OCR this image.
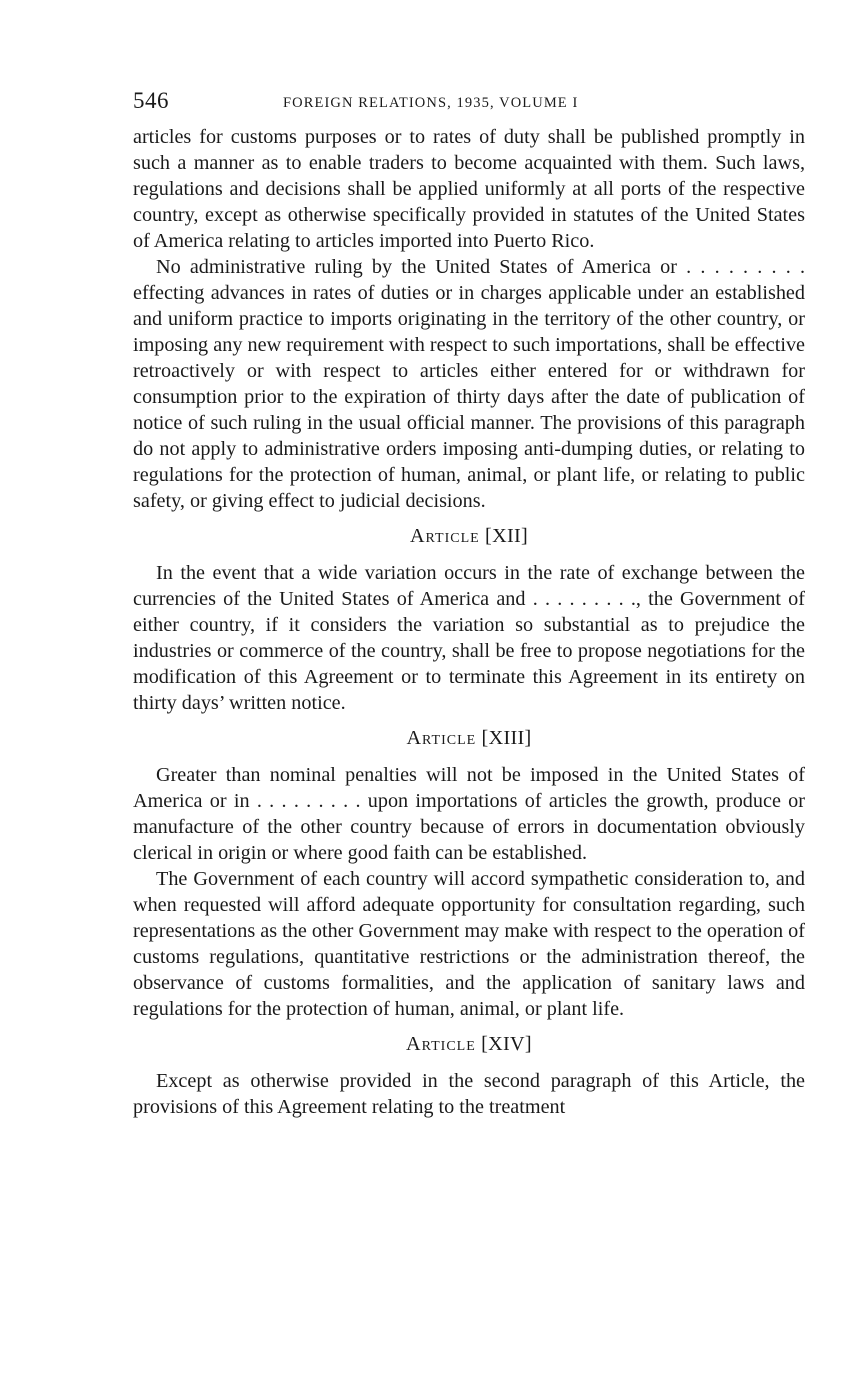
546	FOREIGN RELATIONS, 1935, VOLUME I

articles for customs purposes or to rates of duty shall be published promptly in such a manner as to enable traders to become acquainted with them. Such laws, regulations and decisions shall be applied uniformly at all ports of the respective country, except as otherwise specifically provided in statutes of the United States of America relating to articles imported into Puerto Rico.

No administrative ruling by the United States of America or . . . . . . . . . effecting advances in rates of duties or in charges applicable under an established and uniform practice to imports originating in the territory of the other country, or imposing any new requirement with respect to such importations, shall be effective retroactively or with respect to articles either entered for or withdrawn for consumption prior to the expiration of thirty days after the date of publication of notice of such ruling in the usual official manner. The provisions of this paragraph do not apply to administrative orders imposing anti-dumping duties, or relating to regulations for the protection of human, animal, or plant life, or relating to public safety, or giving effect to judicial decisions.

Article [XII]

In the event that a wide variation occurs in the rate of exchange between the currencies of the United States of America and . . . . . . . . ., the Government of either country, if it considers the variation so substantial as to prejudice the industries or commerce of the country, shall be free to propose negotiations for the modification of this Agreement or to terminate this Agreement in its entirety on thirty days’ written notice.

Article [XIII]

Greater than nominal penalties will not be imposed in the United States of America or in . . . . . . . . . upon importations of articles the growth, produce or manufacture of the other country because of errors in documentation obviously clerical in origin or where good faith can be established.

The Government of each country will accord sympathetic consideration to, and when requested will afford adequate opportunity for consultation regarding, such representations as the other Government may make with respect to the operation of customs regulations, quantitative restrictions or the administration thereof, the observance of customs formalities, and the application of sanitary laws and regulations for the protection of human, animal, or plant life.

Article [XIV]

Except as otherwise provided in the second paragraph of this Article, the provisions of this Agreement relating to the treatment
